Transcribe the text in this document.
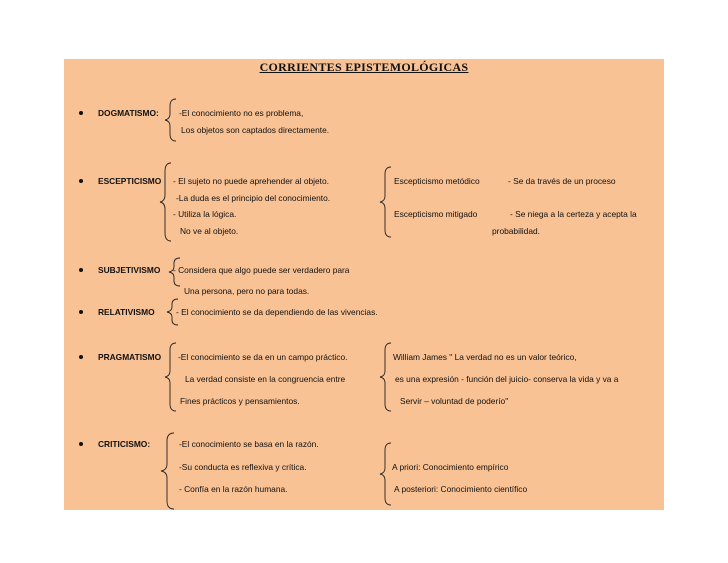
CORRIENTES EPISTEMOLÓGICAS
DOGMATISMO: -El conocimiento no es problema,
Los objetos son captados directamente.
ESCEPTICISMO - El sujeto no puede aprehender al objeto.
-La duda es el principio del conocimiento.
- Utiliza la lógica.
No ve al objeto.
Escepticismo metódico	- Se da través de un proceso
Escepticismo mitigado	- Se niega a la certeza y acepta la
probabilidad.
SUBJETIVISMO - Considera que algo puede ser verdadero para
Una persona, pero no para todas.
RELATIVISMO	- El conocimiento se da dependiendo de las vivencias.
PRAGMATISMO -El conocimiento se da en un campo práctico.
La verdad consiste en la congruencia entre
Fines prácticos y pensamientos.
William James " La verdad no es un valor teórico,
es una expresión - función del juicio- conserva la vida y va a
Servir – voluntad de poderío"
CRITICISMO:	-El conocimiento se basa en la razón.
-Su conducta es reflexiva y crítica.
- Confía en la razón humana.
A priori: Conocimiento empírico
A posteriori: Conocimiento científico
